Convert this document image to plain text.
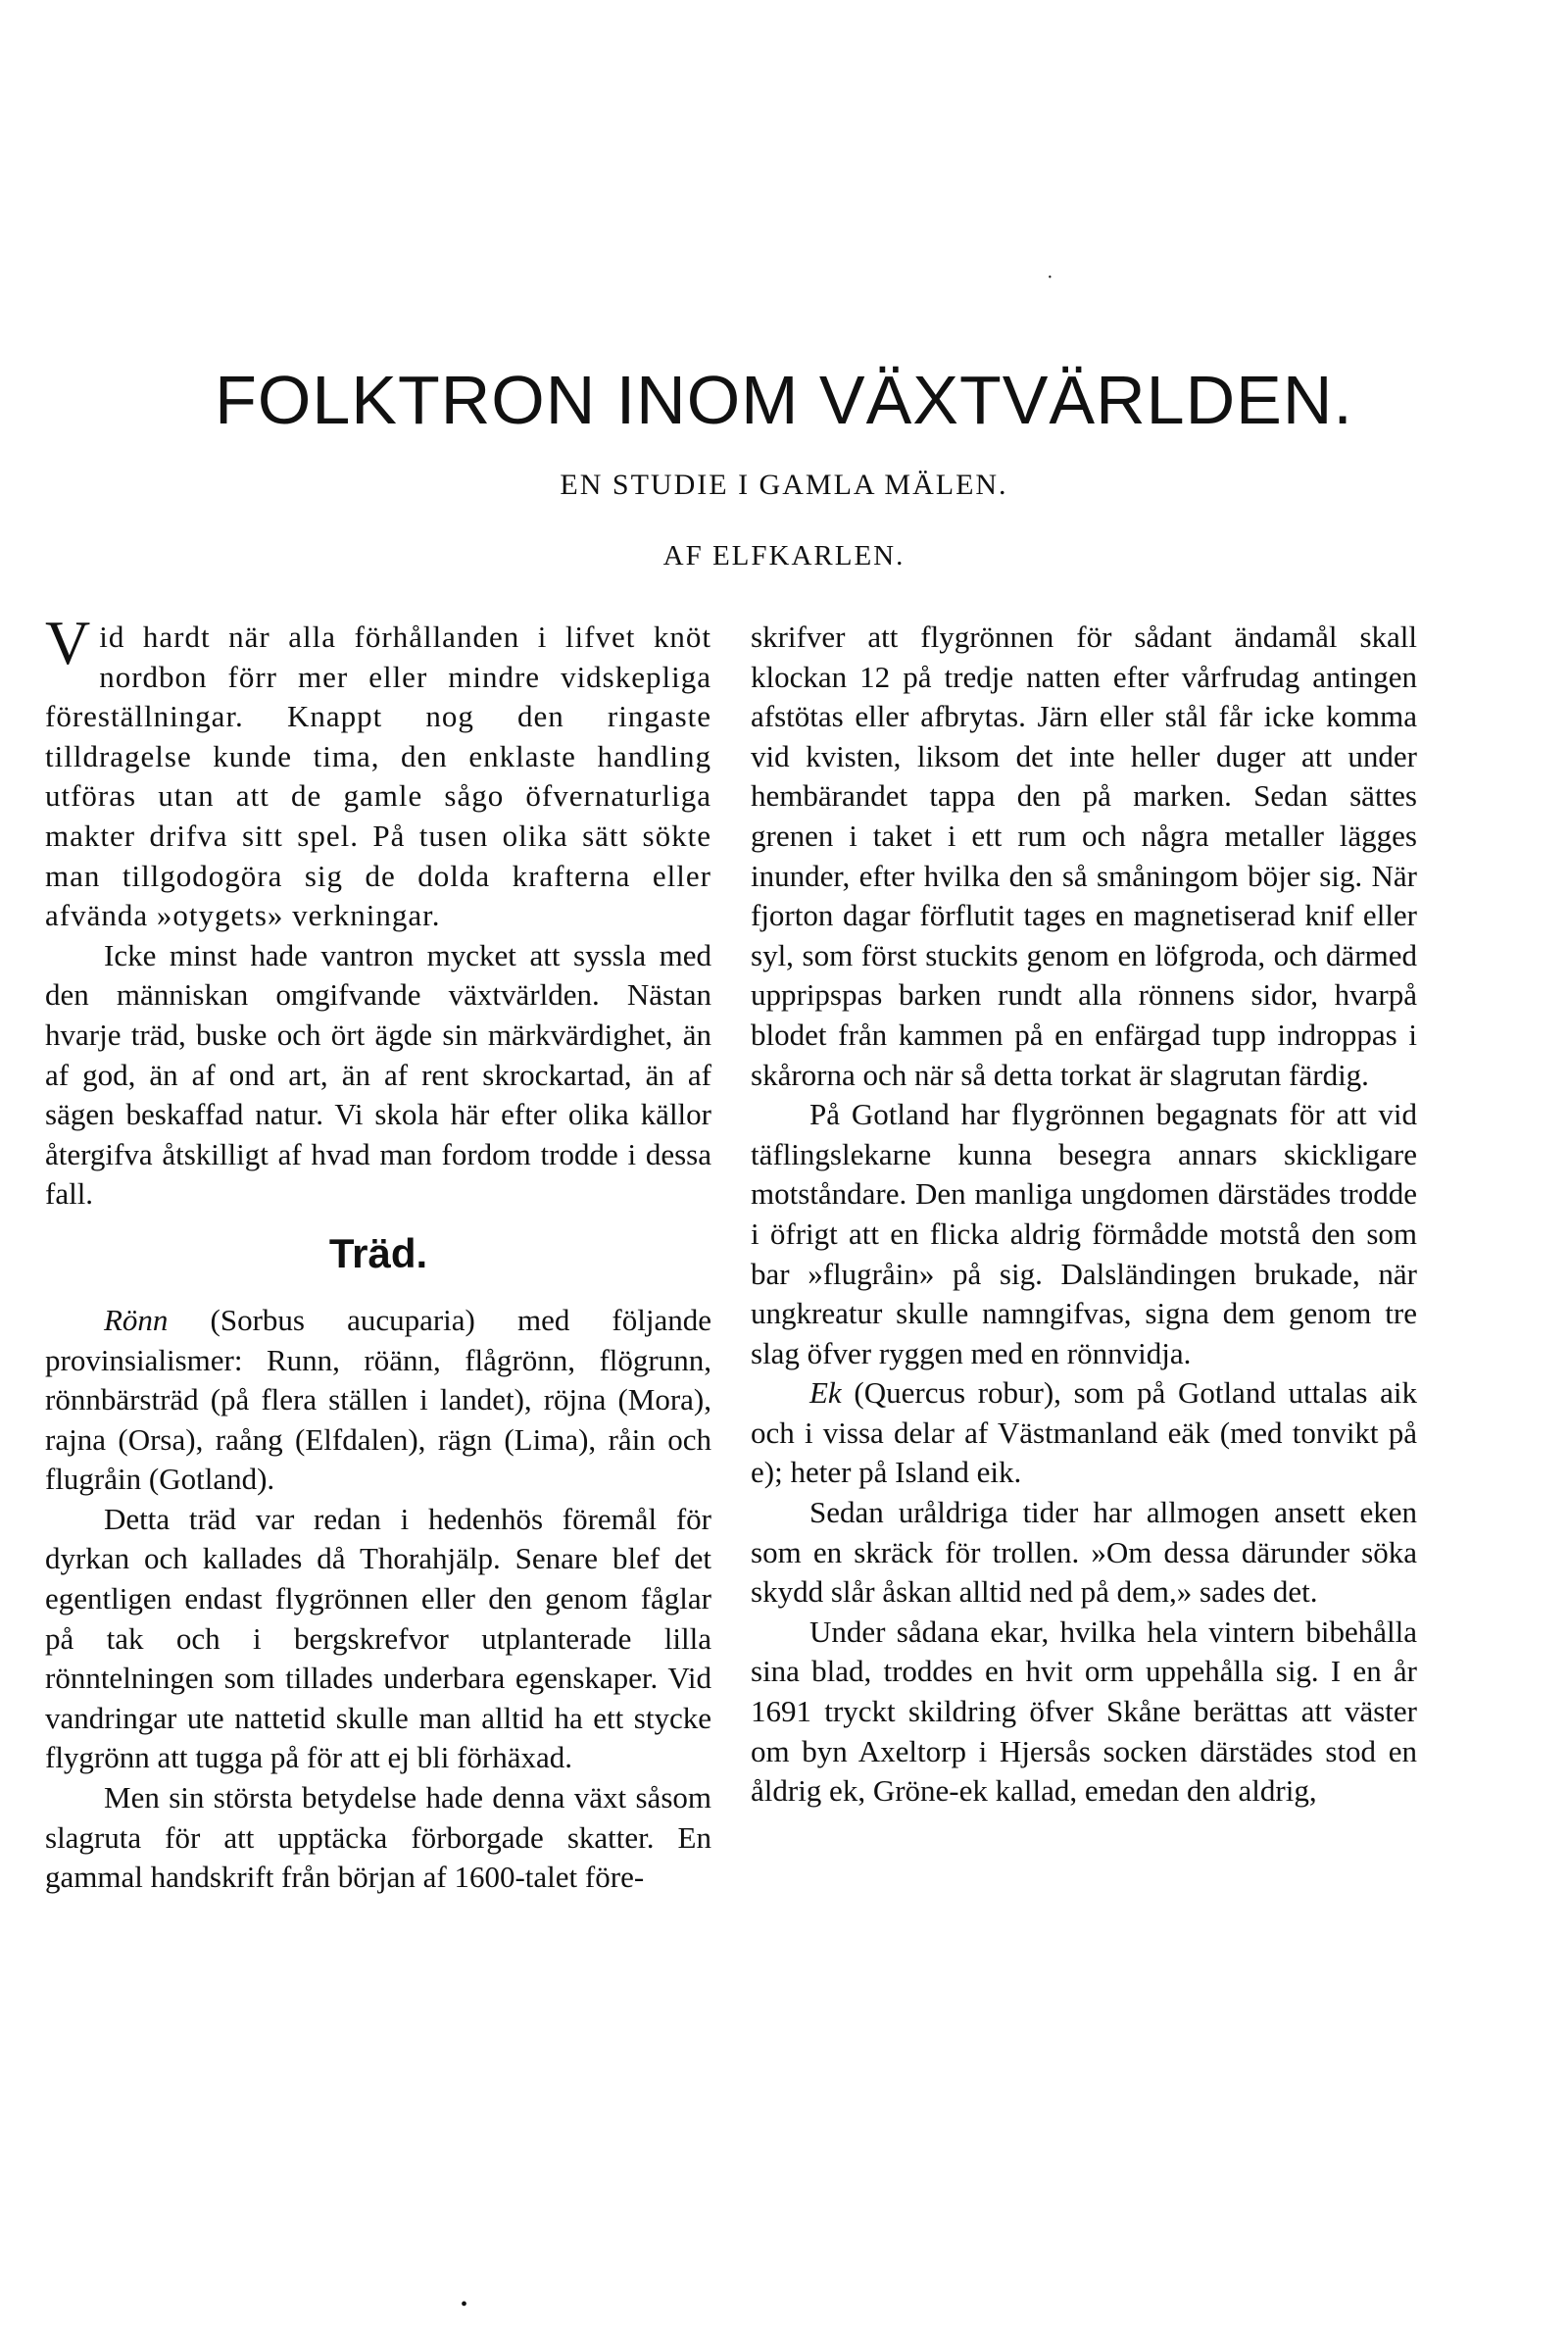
FOLKTRON INOM VÄXTVÄRLDEN.
EN STUDIE I GAMLA MÄLEN.
AF ELFKARLEN.

Vid hardt när alla förhållanden i lifvet knöt nordbon förr mer eller mindre vidskepliga föreställningar. Knappt nog den ringaste tilldragelse kunde tima, den enklaste handling utföras utan att de gamle sågo öfvernaturliga makter drifva sitt spel. På tusen olika sätt sökte man tillgodogöra sig de dolda krafterna eller afvända »otygets» verkningar.

Icke minst hade vantron mycket att syssla med den människan omgifvande växtvärlden. Nästan hvarje träd, buske och ört ägde sin märkvärdighet, än af god, än af ond art, än af rent skrockartad, än af sägen beskaffad natur. Vi skola här efter olika källor återgifva åtskilligt af hvad man fordom trodde i dessa fall.

Träd.

Rönn (Sorbus aucuparia) med följande provinsialismer: Runn, röänn, flågrönn, flögrunn, rönnbärsträd (på flera ställen i landet), röjna (Mora), rajna (Orsa), raång (Elfdalen), rägn (Lima), råin och flugråin (Gotland).

Detta träd var redan i hedenhös föremål för dyrkan och kallades då Thorahjälp. Senare blef det egentligen endast flygrönnen eller den genom fåglar på tak och i bergskrefvor utplanterade lilla rönntelningen som tillades underbara egenskaper. Vid vandringar ute nattetid skulle man alltid ha ett stycke flygrönn att tugga på för att ej bli förhäxad.

Men sin största betydelse hade denna växt såsom slagruta för att upptäcka förborgade skatter. En gammal handskrift från början af 1600-talet före-

skrifver att flygrönnen för sådant ändamål skall klockan 12 på tredje natten efter vårfrudag antingen afstötas eller afbrytas. Järn eller stål får icke komma vid kvisten, liksom det inte heller duger att under hembärandet tappa den på marken. Sedan sättes grenen i taket i ett rum och några metaller lägges inunder, efter hvilka den så småningom böjer sig. När fjorton dagar förflutit tages en magnetiserad knif eller syl, som först stuckits genom en löfgroda, och därmed uppripspas barken rundt alla rönnens sidor, hvarpå blodet från kammen på en enfärgad tupp indroppas i skårorna och när så detta torkat är slagrutan färdig.

På Gotland har flygrönnen begagnats för att vid täflingslekarne kunna besegra annars skickligare motståndare. Den manliga ungdomen därstädes trodde i öfrigt att en flicka aldrig förmådde motstå den som bar »flugråin» på sig. Dalsländingen brukade, när ungkreatur skulle namngifvas, signa dem genom tre slag öfver ryggen med en rönnvidja.

Ek (Quercus robur), som på Gotland uttalas aik och i vissa delar af Västmanland eäk (med tonvikt på e); heter på Island eik.

Sedan uråldriga tider har allmogen ansett eken som en skräck för trollen. »Om dessa därunder söka skydd slår åskan alltid ned på dem,» sades det.

Under sådana ekar, hvilka hela vintern bibehålla sina blad, troddes en hvit orm uppehålla sig. I en år 1691 tryckt skildring öfver Skåne berättas att väster om byn Axeltorp i Hjersås socken därstädes stod en åldrig ek, Gröne-ek kallad, emedan den aldrig,

·
•
